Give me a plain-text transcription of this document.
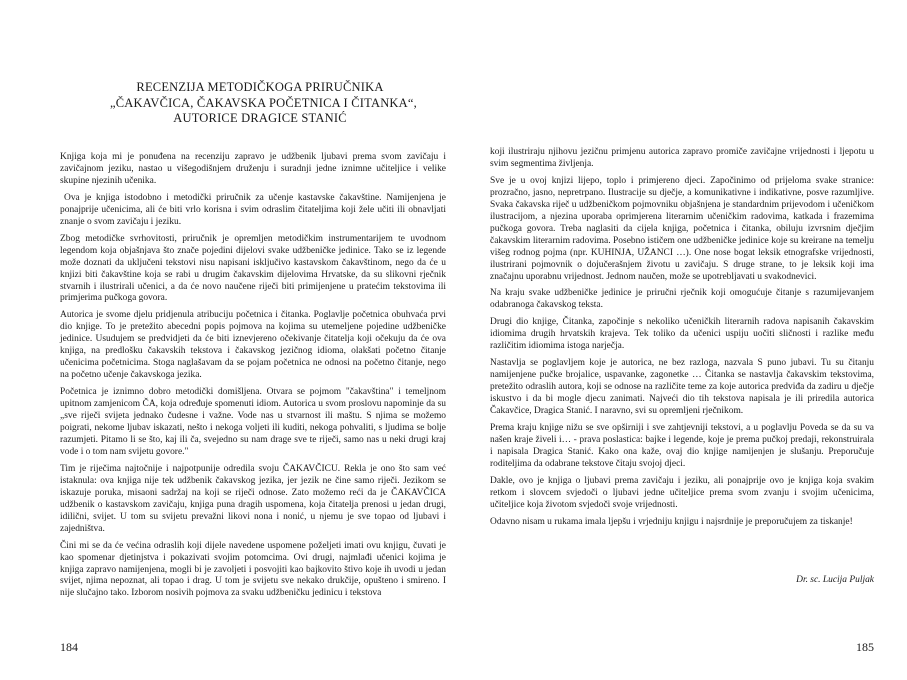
RECENZIJA METODIČKOGA PRIRUČNIKA
„ČAKAVČICA, ČAKAVSKA POČETNICA I ČITANKA“,
AUTORICE DRAGICE STANIĆ

Knjiga koja mi je ponuđena na recenziju zapravo je udžbenik ljubavi prema svom zavičaju i zavičajnom jeziku, nastao u višegodišnjem druženju i suradnji jedne iznimne učiteljice i velike skupine njezinih učenika.

Ova je knjiga istodobno i metodički priručnik za učenje kastavske čakavštine. Namijenjena je ponajprije učenicima, ali će biti vrlo korisna i svim odraslim čitateljima koji žele učiti ili obnavljati znanje o svom zavičaju i jeziku.

Zbog metodičke svrhovitosti, priručnik je opremljen metodičkim instrumentarijem te uvodnom legendom koja objašnjava što znače pojedini dijelovi svake udžbeničke jedinice. Tako se iz legende može doznati da uključeni tekstovi nisu napisani isključivo kastavskom čakavštinom, nego da će u knjizi biti čakavštine koja se rabi u drugim čakavskim dijelovima Hrvatske, da su slikovni rječnik stvarnih i ilustrirali učenici, a da će novo naučene riječi biti primijenjene u pratećim tekstovima ili primjerima pučkoga govora.

Autorica je svome djelu pridjenula atribuciju početnica i čitanka. Poglavlje početnica obuhvaća prvi dio knjige. To je pretežito abecedni popis pojmova na kojima su utemeljene pojedine udžbeničke jedinice. Usudujem se predvidjeti da će biti iznevjereno očekivanje čitatelja koji očekuju da će ova knjiga, na predlošku čakavskih tekstova i čakavskog jezičnog idioma, olakšati početno čitanje učenicima početnicima. Stoga naglašavam da se pojam početnica ne odnosi na početno čitanje, nego na početno učenje čakavskoga jezika.

Početnica je iznimno dobro metodički domišljena. Otvara se pojmom "čakavština" i temeljnom upitnom zamjenicom ČA, koja određuje spomenuti idiom. Autorica u svom proslovu napominje da su „sve riječi svijeta jednako čudesne i važne. Vode nas u stvarnost ili maštu. S njima se možemo poigrati, nekome ljubav iskazati, nešto i nekoga voljeti ili kuditi, nekoga pohvaliti, s ljudima se bolje razumjeti. Pitamo li se što, kaj ili ča, svejedno su nam drage sve te riječi, samo nas u neki drugi kraj vode i o tom nam svijetu govore."

Tim je riječima najtočnije i najpotpunije odredila svoju ČAKAVČICU. Rekla je ono što sam već istaknula: ova knjiga nije tek udžbenik čakavskog jezika, jer jezik ne čine samo riječi. Jezikom se iskazuje poruka, misaoni sadržaj na koji se riječi odnose. Zato možemo reći da je ČAKAVČICA udžbenik o kastavskom zavičaju, knjiga puna dragih uspomena, koja čitatelja prenosi u jedan drugi, idilični, svijet. U tom su svijetu prevažni likovi nona i nonić, u njemu je sve topao od ljubavi i zajedništva.

Čini mi se da će većina odraslih koji dijele navedene uspomene poželjeti imati ovu knjigu, čuvati je kao spomenar djetinjstva i pokazivati svojim potomcima. Ovi drugi, najmlađi učenici kojima je knjiga zapravo namijenjena, mogli bi je zavoljeti i posvojiti kao bajkovito štivo koje ih uvodi u jedan svijet, njima nepoznat, ali topao i drag. U tom je svijetu sve nekako drukčije, opušteno i smireno. I nije slučajno tako. Izborom nosivih pojmova za svaku udžbeničku jedinicu i tekstova

184

koji ilustriraju njihovu jezičnu primjenu autorica zapravo promiče zavičajne vrijednosti i ljepotu u svim segmentima življenja.

Sve je u ovoj knjizi lijepo, toplo i primjereno djeci. Započinimo od prijeloma svake stranice: prozračno, jasno, nepretrpano. Ilustracije su dječje, a komunikativne i indikativne, posve razumljive. Svaka čakavska riječ u udžbeničkom pojmovniku objašnjena je standardnim prijevodom i učeničkom ilustracijom, a njezina uporaba oprimjerena literarnim učeničkim radovima, katkada i frazemima pučkoga govora. Treba naglasiti da cijela knjiga, početnica i čitanka, obiluju izvrsnim dječjim čakavskim literarnim radovima. Posebno ističem one udžbeničke jedinice koje su kreirane na temelju višeg rodnog pojma (npr. KUHINJA, UŽANCI …). One nose bogat leksik etnografske vrijednosti, ilustrirani pojmovnik o dojučerašnjem životu u zavičaju. S druge strane, to je leksik koji ima značajnu uporabnu vrijednost. Jednom naučen, može se upotrebljavati u svakodnevici.

Na kraju svake udžbeničke jedinice je priručni rječnik koji omogućuje čitanje s razumijevanjem odabranoga čakavskog teksta.

Drugi dio knjige, Čitanka, započinje s nekoliko učeničkih literarnih radova napisanih čakavskim idiomima drugih hrvatskih krajeva. Tek toliko da učenici uspiju uočiti sličnosti i razlike među različitim idiomima istoga narječja.

Nastavlja se poglavljem koje je autorica, ne bez razloga, nazvala S puno jubavi. Tu su čitanju namijenjene pučke brojalice, uspavanke, zagonetke … Čitanka se nastavlja čakavskim tekstovima, pretežito odraslih autora, koji se odnose na različite teme za koje autorica predviđa da zadiru u dječje iskustvo i da bi mogle djecu zanimati. Najveći dio tih tekstova napisala je ili priredila autorica Čakavčice, Dragica Stanić. I naravno, svi su opremljeni rječnikom.

Prema kraju knjige nižu se sve opširniji i sve zahtjevniji tekstovi, a u poglavlju Poveda se da su va našen kraje živeli i… - prava poslastica: bajke i legende, koje je prema pučkoj predaji, rekonstruirala i napisala Dragica Stanić. Kako ona kaže, ovaj dio knjige namijenjen je slušanju. Preporučuje roditeljima da odabrane tekstove čitaju svojoj djeci.

Dakle, ovo je knjiga o ljubavi prema zavičaju i jeziku, ali ponajprije ovo je knjiga koja svakim retkom i slovcem svjedoči o ljubavi jedne učiteljice prema svom zvanju i svojim učenicima, učiteljice koja životom svjedoči svoje vrijednosti.

Odavno nisam u rukama imala ljepšu i vrjedniju knjigu i najsrdnije je preporučujem za tiskanje!

Dr. sc. Lucija Puljak
185
